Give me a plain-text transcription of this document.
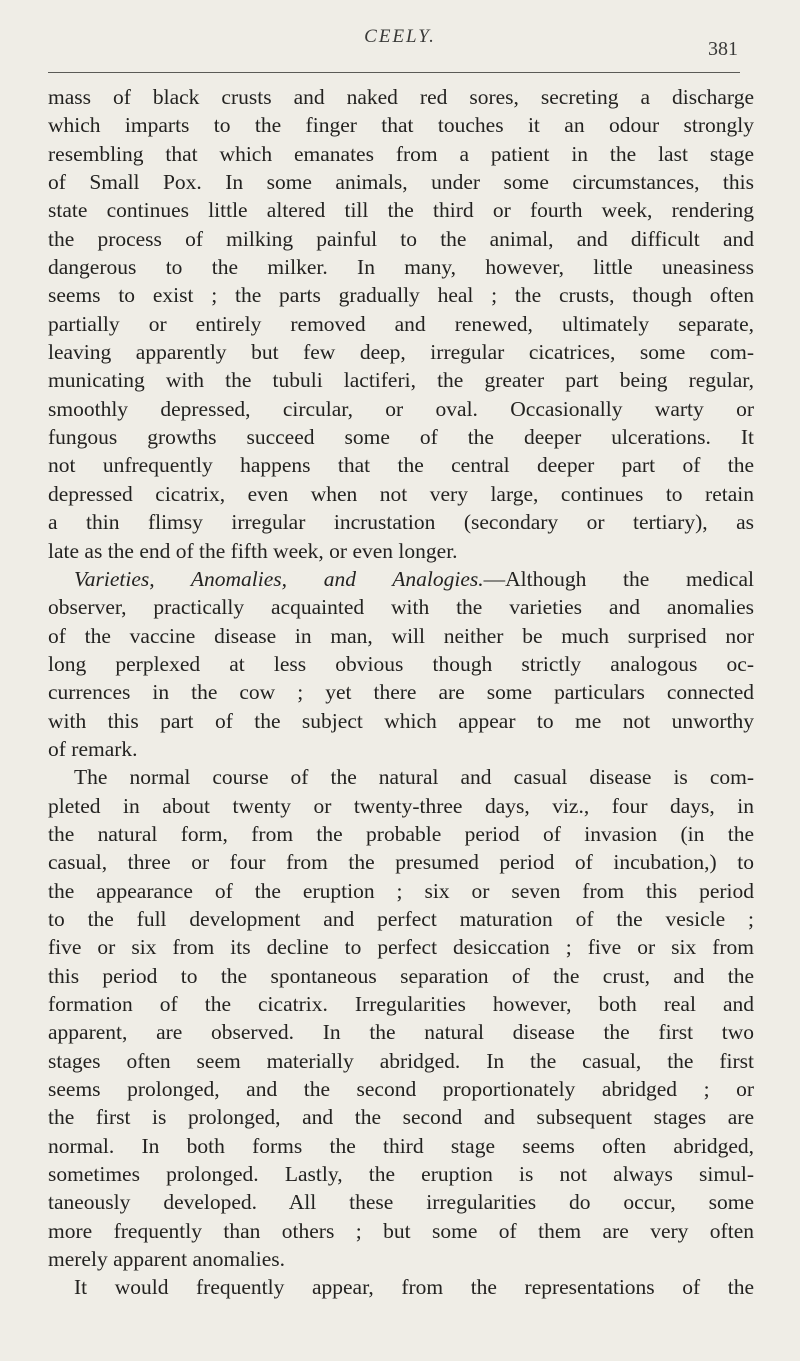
CEELY.
381
mass of black crusts and naked red sores, secreting a discharge
which imparts to the finger that touches it an odour strongly
resembling that which emanates from a patient in the last stage
of Small Pox. In some animals, under some circumstances, this
state continues little altered till the third or fourth week, rendering
the process of milking painful to the animal, and difficult and
dangerous to the milker. In many, however, little uneasiness
seems to exist ; the parts gradually heal ; the crusts, though often
partially or entirely removed and renewed, ultimately separate,
leaving apparently but few deep, irregular cicatrices, some com-
municating with the tubuli lactiferi, the greater part being regular,
smoothly depressed, circular, or oval. Occasionally warty or
fungous growths succeed some of the deeper ulcerations. It
not unfrequently happens that the central deeper part of the
depressed cicatrix, even when not very large, continues to retain
a thin flimsy irregular incrustation (secondary or tertiary), as
late as the end of the fifth week, or even longer.
Varieties, Anomalies, and Analogies.—Although the medical
observer, practically acquainted with the varieties and anomalies
of the vaccine disease in man, will neither be much surprised nor
long perplexed at less obvious though strictly analogous oc-
currences in the cow ; yet there are some particulars connected
with this part of the subject which appear to me not unworthy
of remark.
The normal course of the natural and casual disease is com-
pleted in about twenty or twenty-three days, viz., four days, in
the natural form, from the probable period of invasion (in the
casual, three or four from the presumed period of incubation,) to
the appearance of the eruption ; six or seven from this period
to the full development and perfect maturation of the vesicle ;
five or six from its decline to perfect desiccation ; five or six from
this period to the spontaneous separation of the crust, and the
formation of the cicatrix. Irregularities however, both real and
apparent, are observed. In the natural disease the first two
stages often seem materially abridged. In the casual, the first
seems prolonged, and the second proportionately abridged ; or
the first is prolonged, and the second and subsequent stages are
normal. In both forms the third stage seems often abridged,
sometimes prolonged. Lastly, the eruption is not always simul-
taneously developed. All these irregularities do occur, some
more frequently than others ; but some of them are very often
merely apparent anomalies.
It would frequently appear, from the representations of the
